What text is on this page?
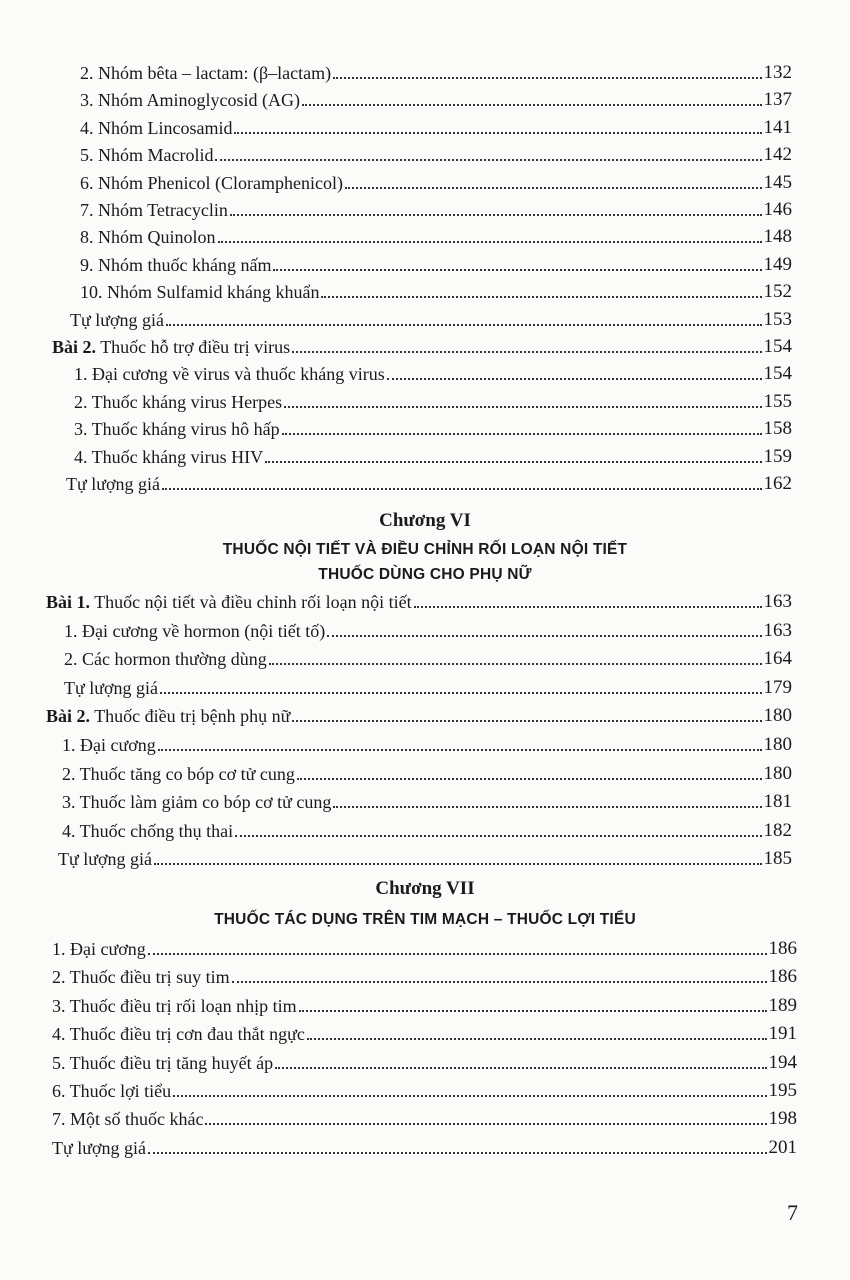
2. Nhóm bêta – lactam: (β–lactam)	132
3. Nhóm Aminoglycosid (AG)	137
4. Nhóm Lincosamid	141
5. Nhóm Macrolid	142
6. Nhóm Phenicol (Cloramphenicol)	145
7. Nhóm Tetracyclin	146
8. Nhóm Quinolon	148
9. Nhóm thuốc kháng nấm	149
10. Nhóm Sulfamid kháng khuẩn	152
Tự lượng giá	153
Bài 2. Thuốc hỗ trợ điều trị virus	154
1. Đại cương về virus và thuốc kháng virus	154
2. Thuốc kháng virus Herpes	155
3. Thuốc kháng virus hô hấp	158
4. Thuốc kháng virus HIV	159
Tự lượng giá	162
Chương VI
THUỐC NỘI TIẾT VÀ ĐIỀU CHỈNH RỐI LOẠN NỘI TIẾT
THUỐC DÙNG CHO PHỤ NỮ
Bài 1. Thuốc nội tiết và điều chỉnh rối loạn nội tiết	163
1. Đại cương về hormon (nội tiết tố)	163
2. Các hormon thường dùng	164
Tự lượng giá	179
Bài 2. Thuốc điều trị bệnh phụ nữ	180
1. Đại cương	180
2. Thuốc tăng co bóp cơ tử cung	180
3. Thuốc làm giảm co bóp cơ tử cung	181
4. Thuốc chống thụ thai	182
Tự lượng giá	185
Chương VII
THUỐC TÁC DỤNG TRÊN TIM MẠCH – THUỐC LỢI TIỂU
1. Đại cương	186
2. Thuốc điều trị suy tim	186
3. Thuốc điều trị rối loạn nhịp tim	189
4. Thuốc điều trị cơn đau thắt ngực	191
5. Thuốc điều trị tăng huyết áp	194
6. Thuốc lợi tiểu	195
7. Một số thuốc khác	198
Tự lượng giá	201
7
